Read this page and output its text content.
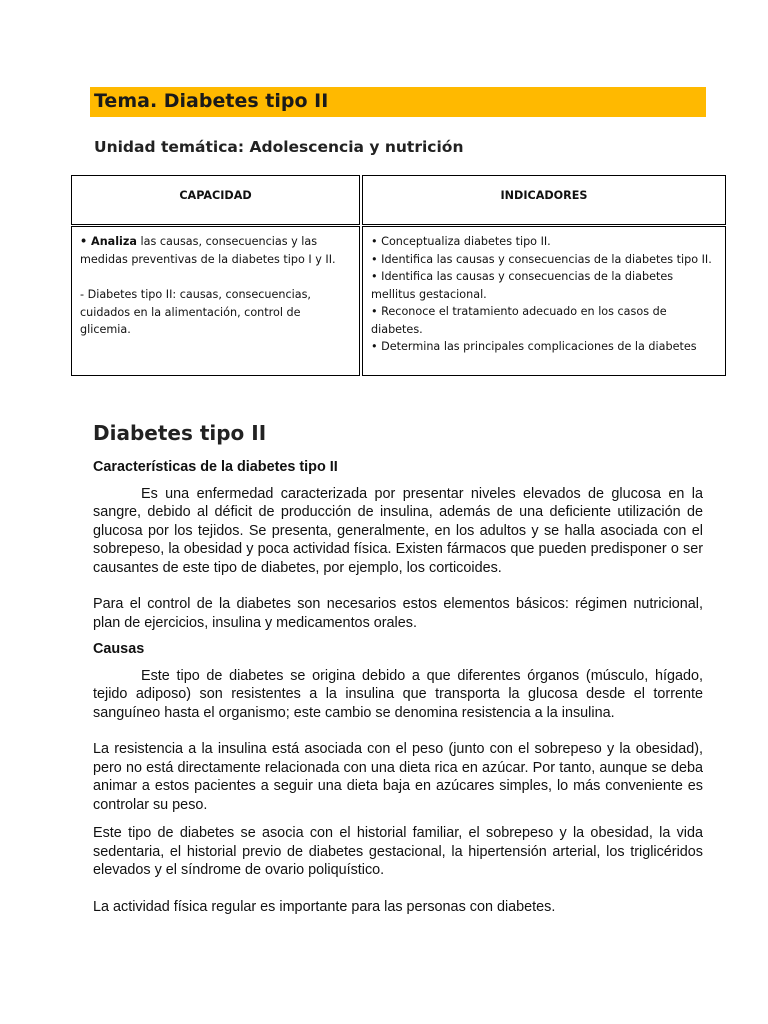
Tema. Diabetes tipo II
Unidad temática: Adolescencia y nutrición
CAPACIDAD	INDICADORES

• Analiza las causas, consecuencias y las medidas preventivas de la diabetes tipo I y II.

- Diabetes tipo II: causas, consecuencias, cuidados en la alimentación, control de glicemia.

• Conceptualiza diabetes tipo II.
• Identifica las causas y consecuencias de la diabetes tipo II.
• Identifica las causas y consecuencias de la diabetes mellitus gestacional.
• Reconoce el tratamiento adecuado en los casos de diabetes.
• Determina las principales complicaciones de la diabetes
Diabetes tipo II
Características de la diabetes tipo II

Es una enfermedad caracterizada por presentar niveles elevados de glucosa en la sangre, debido al déficit de producción de insulina, además de una deficiente utilización de glucosa por los tejidos. Se presenta, generalmente, en los adultos y se halla asociada con el sobrepeso, la obesidad y poca actividad física. Existen fármacos que pueden predisponer o ser causantes de este tipo de diabetes, por ejemplo, los corticoides.

Para el control de la diabetes son necesarios estos elementos básicos: régimen nutricional, plan de ejercicios, insulina y medicamentos orales.

Causas

Este tipo de diabetes se origina debido a que diferentes órganos (músculo, hígado, tejido adiposo) son resistentes a la insulina que transporta la glucosa desde el torrente sanguíneo hasta el organismo; este cambio se denomina resistencia a la insulina.

La resistencia a la insulina está asociada con el peso (junto con el sobrepeso y la obesidad), pero no está directamente relacionada con una dieta rica en azúcar. Por tanto, aunque se deba animar a estos pacientes a seguir una dieta baja en azúcares simples, lo más conveniente es controlar su peso.

Este tipo de diabetes se asocia con el historial familiar, el sobrepeso y la obesidad, la vida sedentaria, el historial previo de diabetes gestacional, la hipertensión arterial, los triglicéridos elevados y el síndrome de ovario poliquístico.

La actividad física regular es importante para las personas con diabetes.
